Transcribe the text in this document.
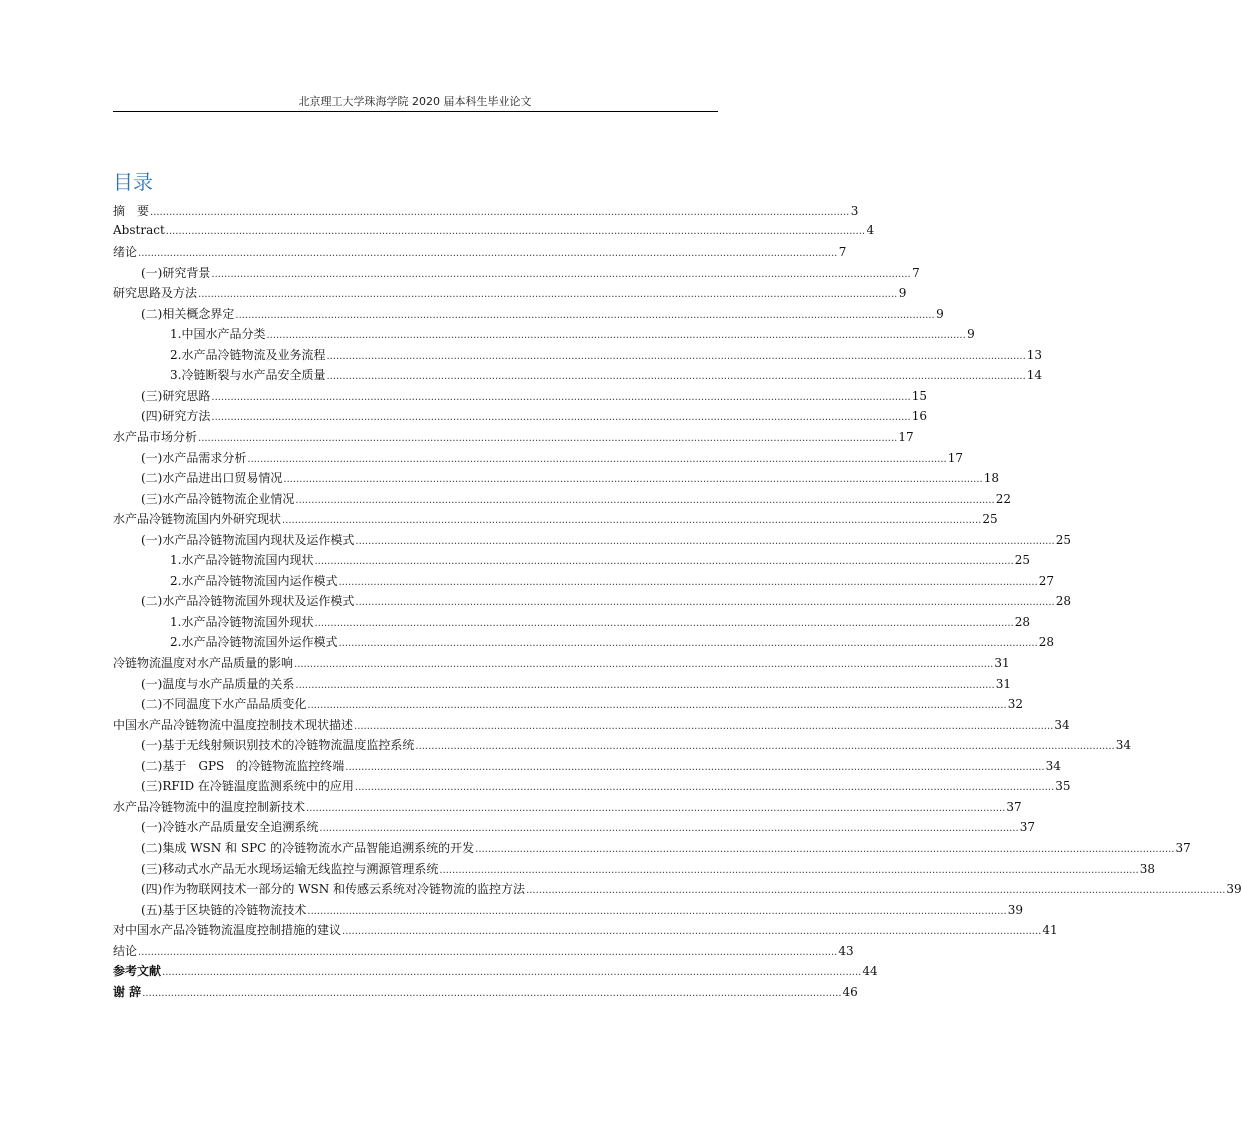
北京理工大学珠海学院 2020 届本科生毕业论文
目录
摘　要 ............................................................................................................................................................................................................................ 3
Abstract ............................................................................................................................................................................................................................ 4
绪论 ............................................................................................................................................................................................................................ 7
(一) 研究背景 ............................................................................................................................................................................................................................ 7
研究思路及方法 ............................................................................................................................................................................................................................ 9
(二) 相关概念界定 ............................................................................................................................................................................................................................ 9
1. 中国水产品分类 ............................................................................................................................................................................................................................ 9
2. 水产品冷链物流及业务流程 ............................................................................................................................................................................................................................ 13
3. 冷链断裂与水产品安全质量 ............................................................................................................................................................................................................................ 14
(三) 研究思路 ............................................................................................................................................................................................................................ 15
(四) 研究方法 ............................................................................................................................................................................................................................ 16
水产品市场分析 ............................................................................................................................................................................................................................ 17
(一) 水产品需求分析 ............................................................................................................................................................................................................................ 17
(二) 水产品进出口贸易情况 ............................................................................................................................................................................................................................ 18
(三) 水产品冷链物流企业情况 ............................................................................................................................................................................................................................ 22
水产品冷链物流国内外研究现状 ............................................................................................................................................................................................................................ 25
(一) 水产品冷链物流国内现状及运作模式 ............................................................................................................................................................................................................................ 25
1. 水产品冷链物流国内现状 ............................................................................................................................................................................................................................ 25
2. 水产品冷链物流国内运作模式 ............................................................................................................................................................................................................................ 27
(二) 水产品冷链物流国外现状及运作模式 ............................................................................................................................................................................................................................ 28
1. 水产品冷链物流国外现状 ............................................................................................................................................................................................................................ 28
2. 水产品冷链物流国外运作模式 ............................................................................................................................................................................................................................ 28
冷链物流温度对水产品质量的影响 ............................................................................................................................................................................................................................ 31
(一) 温度与水产品质量的关系 ............................................................................................................................................................................................................................ 31
(二) 不同温度下水产品品质变化 ............................................................................................................................................................................................................................ 32
中国水产品冷链物流中温度控制技术现状描述 ............................................................................................................................................................................................................................ 34
(一) 基于无线射频识别技术的冷链物流温度监控系统 ............................................................................................................................................................................................................................ 34
(二) 基于　GPS　的冷链物流监控终端 ............................................................................................................................................................................................................................ 34
(三) RFID 在冷链温度监测系统中的应用 ............................................................................................................................................................................................................................ 35
水产品冷链物流中的温度控制新技术 ............................................................................................................................................................................................................................ 37
(一) 冷链水产品质量安全追溯系统 ............................................................................................................................................................................................................................ 37
(二) 集成 WSN 和 SPC 的冷链物流水产品智能追溯系统的开发 ............................................................................................................................................................................................................................ 37
(三) 移动式水产品无水现场运输无线监控与溯源管理系统 ............................................................................................................................................................................................................................ 38
(四) 作为物联网技术一部分的 WSN 和传感云系统对冷链物流的监控方法 ............................................................................................................................................................................................................................ 39
(五) 基于区块链的冷链物流技术 ............................................................................................................................................................................................................................ 39
对中国水产品冷链物流温度控制措施的建议 ............................................................................................................................................................................................................................ 41
结论 ............................................................................................................................................................................................................................ 43
参考文献 ............................................................................................................................................................................................................................ 44
谢 辞 ............................................................................................................................................................................................................................ 46
